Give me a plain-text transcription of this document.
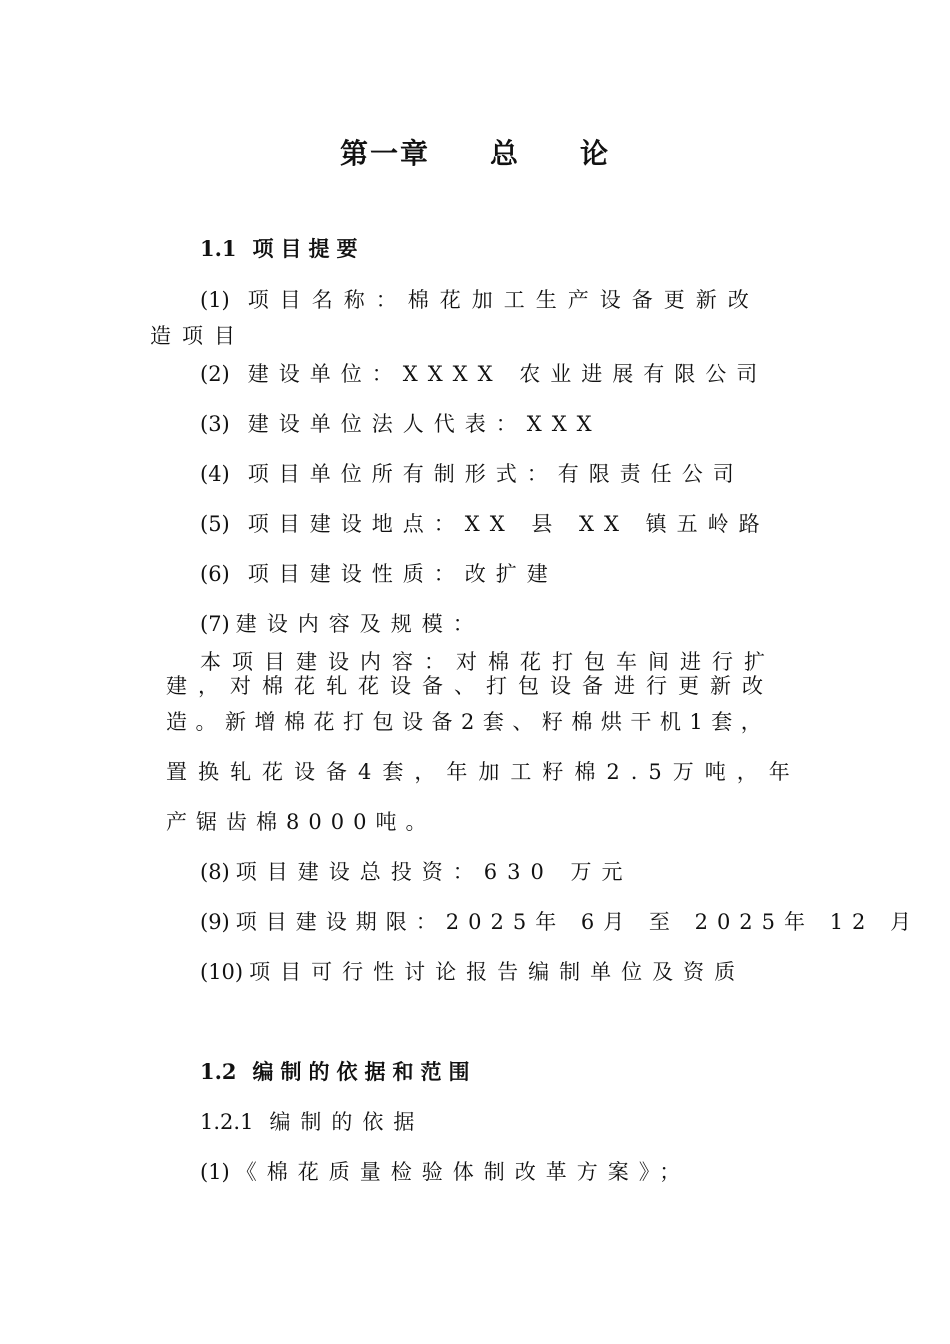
第一章　　总　　论
1.1 项目提要
(1) 项目名称：棉花加工生产设备更新改
造项目
(2) 建设单位：XXXX 农业进展有限公司
(3) 建设单位法人代表：XXX
(4) 项目单位所有制形式：有限责任公司
(5) 项目建设地点：XX 县 XX 镇五岭路
(6) 项目建设性质：改扩建
(7) 建设内容及规模：
本项目建设内容：对棉花打包车间进行扩
建，对棉花轧花设备、打包设备进行更新改
造。新增棉花打包设备2套、籽棉烘干机1套，
置换轧花设备4套，年加工籽棉2.5万吨，年
产锯齿棉8000吨。
(8) 项目建设总投资：630 万元
(9) 项目建设期限：2025年 6月 至 2025年 12 月
(10) 项目可行性讨论报告编制单位及资质
1.2 编制的依据和范围
1.2.1 编制的依据
(1) 《棉花质量检验体制改革方案》；
